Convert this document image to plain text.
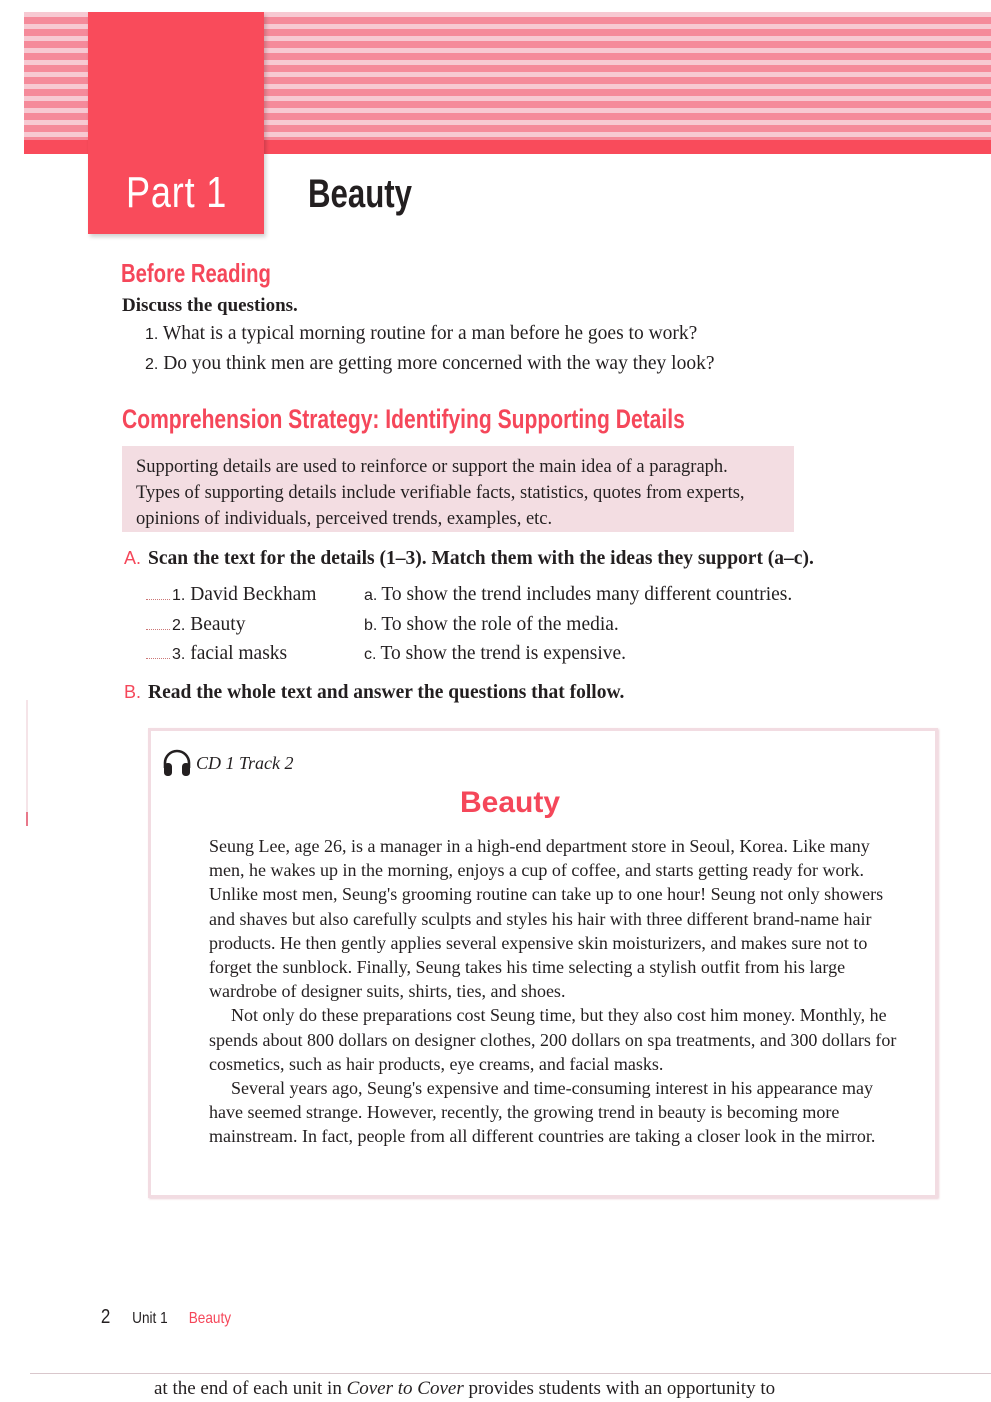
Part 1 Beauty
Before Reading
Discuss the questions.
1. What is a typical morning routine for a man before he goes to work?
2. Do you think men are getting more concerned with the way they look?
Comprehension Strategy: Identifying Supporting Details
Supporting details are used to reinforce or support the main idea of a paragraph.
Types of supporting details include verifiable facts, statistics, quotes from experts,
opinions of individuals, perceived trends, examples, etc.
A. Scan the text for the details (1–3). Match them with the ideas they support (a–c).
1. David Beckham
2. Beauty
3. facial masks
a. To show the trend includes many different countries.
b. To show the role of the media.
c. To show the trend is expensive.
B. Read the whole text and answer the questions that follow.
CD 1 Track 2
Beauty

Seung Lee, age 26, is a manager in a high-end department store in Seoul, Korea. Like many men, he wakes up in the morning, enjoys a cup of coffee, and starts getting ready for work. Unlike most men, Seung's grooming routine can take up to one hour! Seung not only showers and shaves but also carefully sculpts and styles his hair with three different brand-name hair products. He then gently applies several expensive skin moisturizers, and makes sure not to forget the sunblock. Finally, Seung takes his time selecting a stylish outfit from his large wardrobe of designer suits, shirts, ties, and shoes.

Not only do these preparations cost Seung time, but they also cost him money. Monthly, he spends about 800 dollars on designer clothes, 200 dollars on spa treatments, and 300 dollars for cosmetics, such as hair products, eye creams, and facial masks.

Several years ago, Seung's expensive and time-consuming interest in his appearance may have seemed strange. However, recently, the growing trend in beauty is becoming more mainstream. In fact, people from all different countries are taking a closer look in the mirror.

2 Unit 1 Beauty
at the end of each unit in Cover to Cover provides students with an opportunity to
